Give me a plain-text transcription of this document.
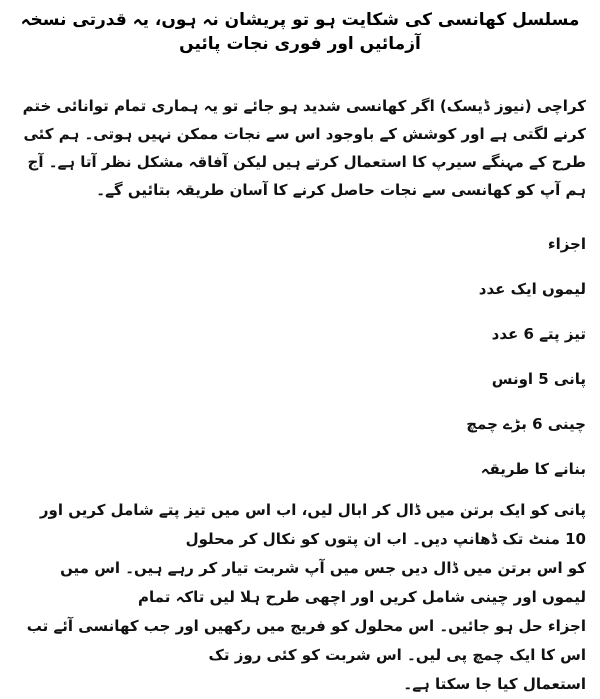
مسلسل کھانسی کی شکایت ہو تو پریشان نہ ہوں، یہ قدرتی نسخہ آزمائیں اور فوری نجات پائیں

کراچی (نیوز ڈیسک) اگر کھانسی شدید ہو جائے تو یہ ہماری تمام توانائی ختم کرنے لگتی ہے اور کوشش کے باوجود اس سے نجات ممکن نہیں ہوتی۔ ہم کئی طرح کے مہنگے سیرپ کا استعمال کرتے ہیں لیکن آفاقہ مشکل نظر آتا ہے۔ آج ہم آپ کو کھانسی سے نجات حاصل کرنے کا آسان طریقہ بتائیں گے۔

اجزاء

لیموں ایک عدد

تیز پتے 6 عدد

پانی 5 اونس

چینی 6 بڑے چمچ

بنانے کا طریقہ

پانی کو ایک برتن میں ڈال کر ابال لیں، اب اس میں تیز پتے شامل کریں اور 10 منٹ تک ڈھانپ دیں۔ اب ان پتوں کو نکال کر محلول

کو اس برتن میں ڈال دیں جس میں آپ شربت تیار کر رہے ہیں۔ اس میں لیموں اور چینی شامل کریں اور اچھی طرح ہلا لیں تاکہ تمام

اجزاء حل ہو جائیں۔ اس محلول کو فریج میں رکھیں اور جب کھانسی آئے تب اس کا ایک چمچ پی لیں۔ اس شربت کو کئی روز تک

استعمال کیا جا سکتا ہے۔
